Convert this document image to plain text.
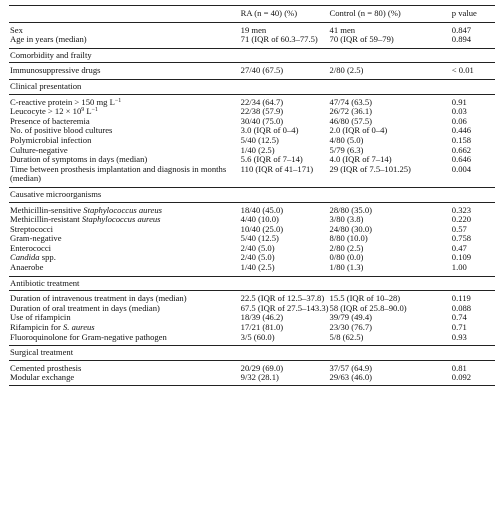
	RA (n = 40) (%)	Control (n = 80) (%)	p value
Sex	19 men	41 men	0.847
Age in years (median)	71 (IQR of 60.3–77.5)	70 (IQR of 59–79)	0.894

Comorbidity and frailty			
Immunosuppressive drugs	27/40 (67.5)	2/80 (2.5)	< 0.01

Clinical presentation			
C-reactive protein > 150 mg $L^{-1}$	22/34 (64.7)	47/74 (63.5)	0.91
Leucocyte > $12 \times 10^9$ $L^{-1}$	22/38 (57.9)	26/72 (36.1)	0.03
Presence of bacteremia	30/40 (75.0)	46/80 (57.5)	0.06
No. of positive blood cultures	3.0 (IQR of 0–4)	2.0 (IQR of 0–4)	0.446
Polymicrobial infection	5/40 (12.5)	4/80 (5.0)	0.158
Culture-negative	1/40 (2.5)	5/79 (6.3)	0.662
Duration of symptoms in days (median)	5.6 (IQR of 7–14)	4.0 (IQR of 7–14)	0.646
Time between prosthesis implantation and diagnosis in months (median)	110 (IQR of 41–171)	29 (IQR of 7.5–101.25)	0.004

Causative microorganisms			
Methicillin-sensitive Staphylococcus aureus	18/40 (45.0)	28/80 (35.0)	0.323
Methicillin-resistant Staphylococcus aureus	4/40 (10.0)	3/80 (3.8)	0.220
Streptococci	10/40 (25.0)	24/80 (30.0)	0.57
Gram-negative	5/40 (12.5)	8/80 (10.0)	0.758
Enterococci	2/40 (5.0)	2/80 (2.5)	0.47
Candida spp.	2/40 (5.0)	0/80 (0.0)	0.109
Anaerobe	1/40 (2.5)	1/80 (1.3)	1.00

Antibiotic treatment			
Duration of intravenous treatment in days (median)	22.5 (IQR of 12.5–37.8)	15.5 (IQR of 10–28)	0.119
Duration of oral treatment in days (median)	67.5 (IQR of 27.5–143.3)	58 (IQR of 25.8–90.0)	0.088
Use of rifampicin	18/39 (46.2)	39/79 (49.4)	0.74
Rifampicin for S. aureus	17/21 (81.0)	23/30 (76.7)	0.71
Fluoroquinolone for Gram-negative pathogen	3/5 (60.0)	5/8 (62.5)	0.93

Surgical treatment			
Cemented prosthesis	20/29 (69.0)	37/57 (64.9)	0.81
Modular exchange	9/32 (28.1)	29/63 (46.0)	0.092
